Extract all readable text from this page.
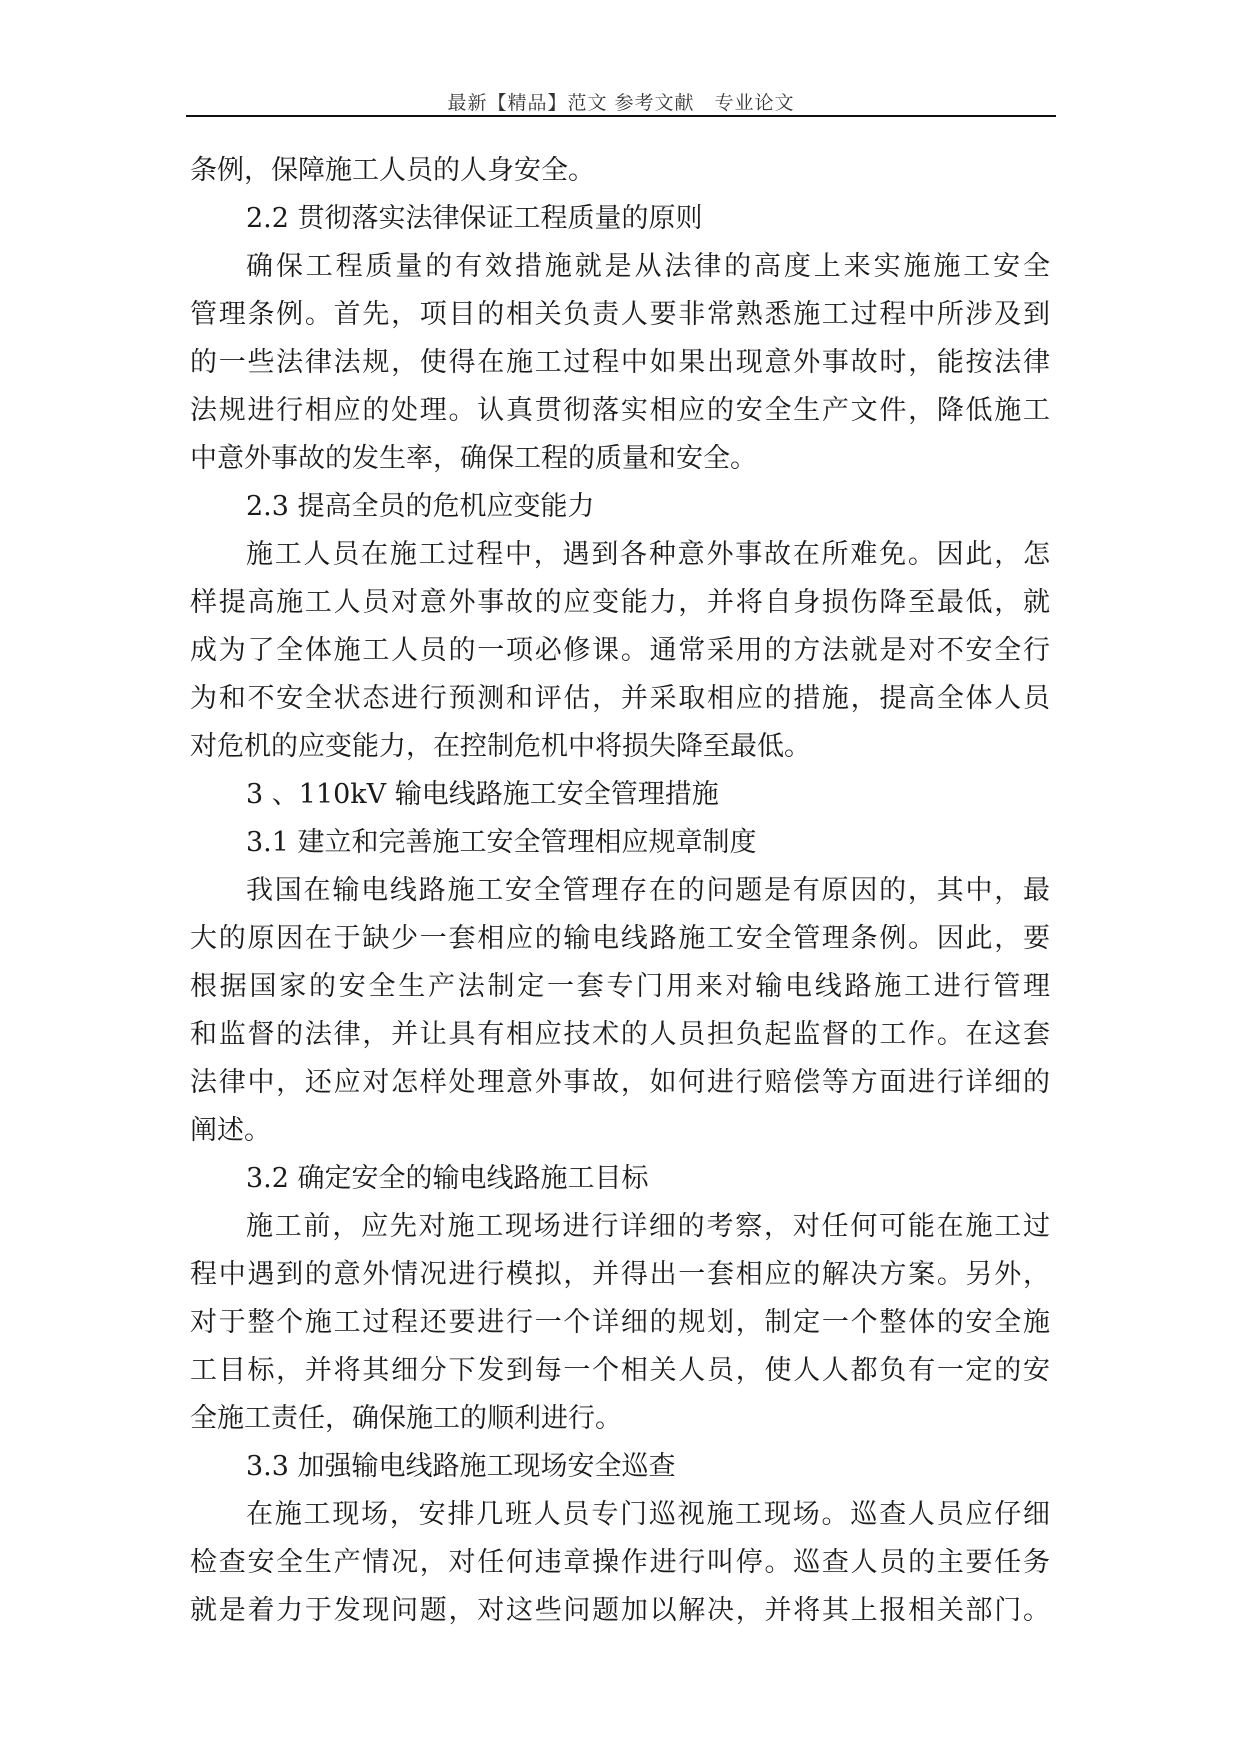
最新【精品】范文 参考文献　专业论文
条例，保障施工人员的人身安全。
2.2 贯彻落实法律保证工程质量的原则
确保工程质量的有效措施就是从法律的高度上来实施施工安全
管理条例。首先，项目的相关负责人要非常熟悉施工过程中所涉及到
的一些法律法规，使得在施工过程中如果出现意外事故时，能按法律
法规进行相应的处理。认真贯彻落实相应的安全生产文件，降低施工
中意外事故的发生率，确保工程的质量和安全。
2.3 提高全员的危机应变能力
施工人员在施工过程中，遇到各种意外事故在所难免。因此，怎
样提高施工人员对意外事故的应变能力，并将自身损伤降至最低，就
成为了全体施工人员的一项必修课。通常采用的方法就是对不安全行
为和不安全状态进行预测和评估，并采取相应的措施，提高全体人员
对危机的应变能力，在控制危机中将损失降至最低。
3 、110kV 输电线路施工安全管理措施
3.1 建立和完善施工安全管理相应规章制度
我国在输电线路施工安全管理存在的问题是有原因的，其中，最
大的原因在于缺少一套相应的输电线路施工安全管理条例。因此，要
根据国家的安全生产法制定一套专门用来对输电线路施工进行管理
和监督的法律，并让具有相应技术的人员担负起监督的工作。在这套
法律中，还应对怎样处理意外事故，如何进行赔偿等方面进行详细的
阐述。
3.2 确定安全的输电线路施工目标
施工前，应先对施工现场进行详细的考察，对任何可能在施工过
程中遇到的意外情况进行模拟，并得出一套相应的解决方案。另外，
对于整个施工过程还要进行一个详细的规划，制定一个整体的安全施
工目标，并将其细分下发到每一个相关人员，使人人都负有一定的安
全施工责任，确保施工的顺利进行。
3.3 加强输电线路施工现场安全巡查
在施工现场，安排几班人员专门巡视施工现场。巡查人员应仔细
检查安全生产情况，对任何违章操作进行叫停。巡查人员的主要任务
就是着力于发现问题，对这些问题加以解决，并将其上报相关部门。
